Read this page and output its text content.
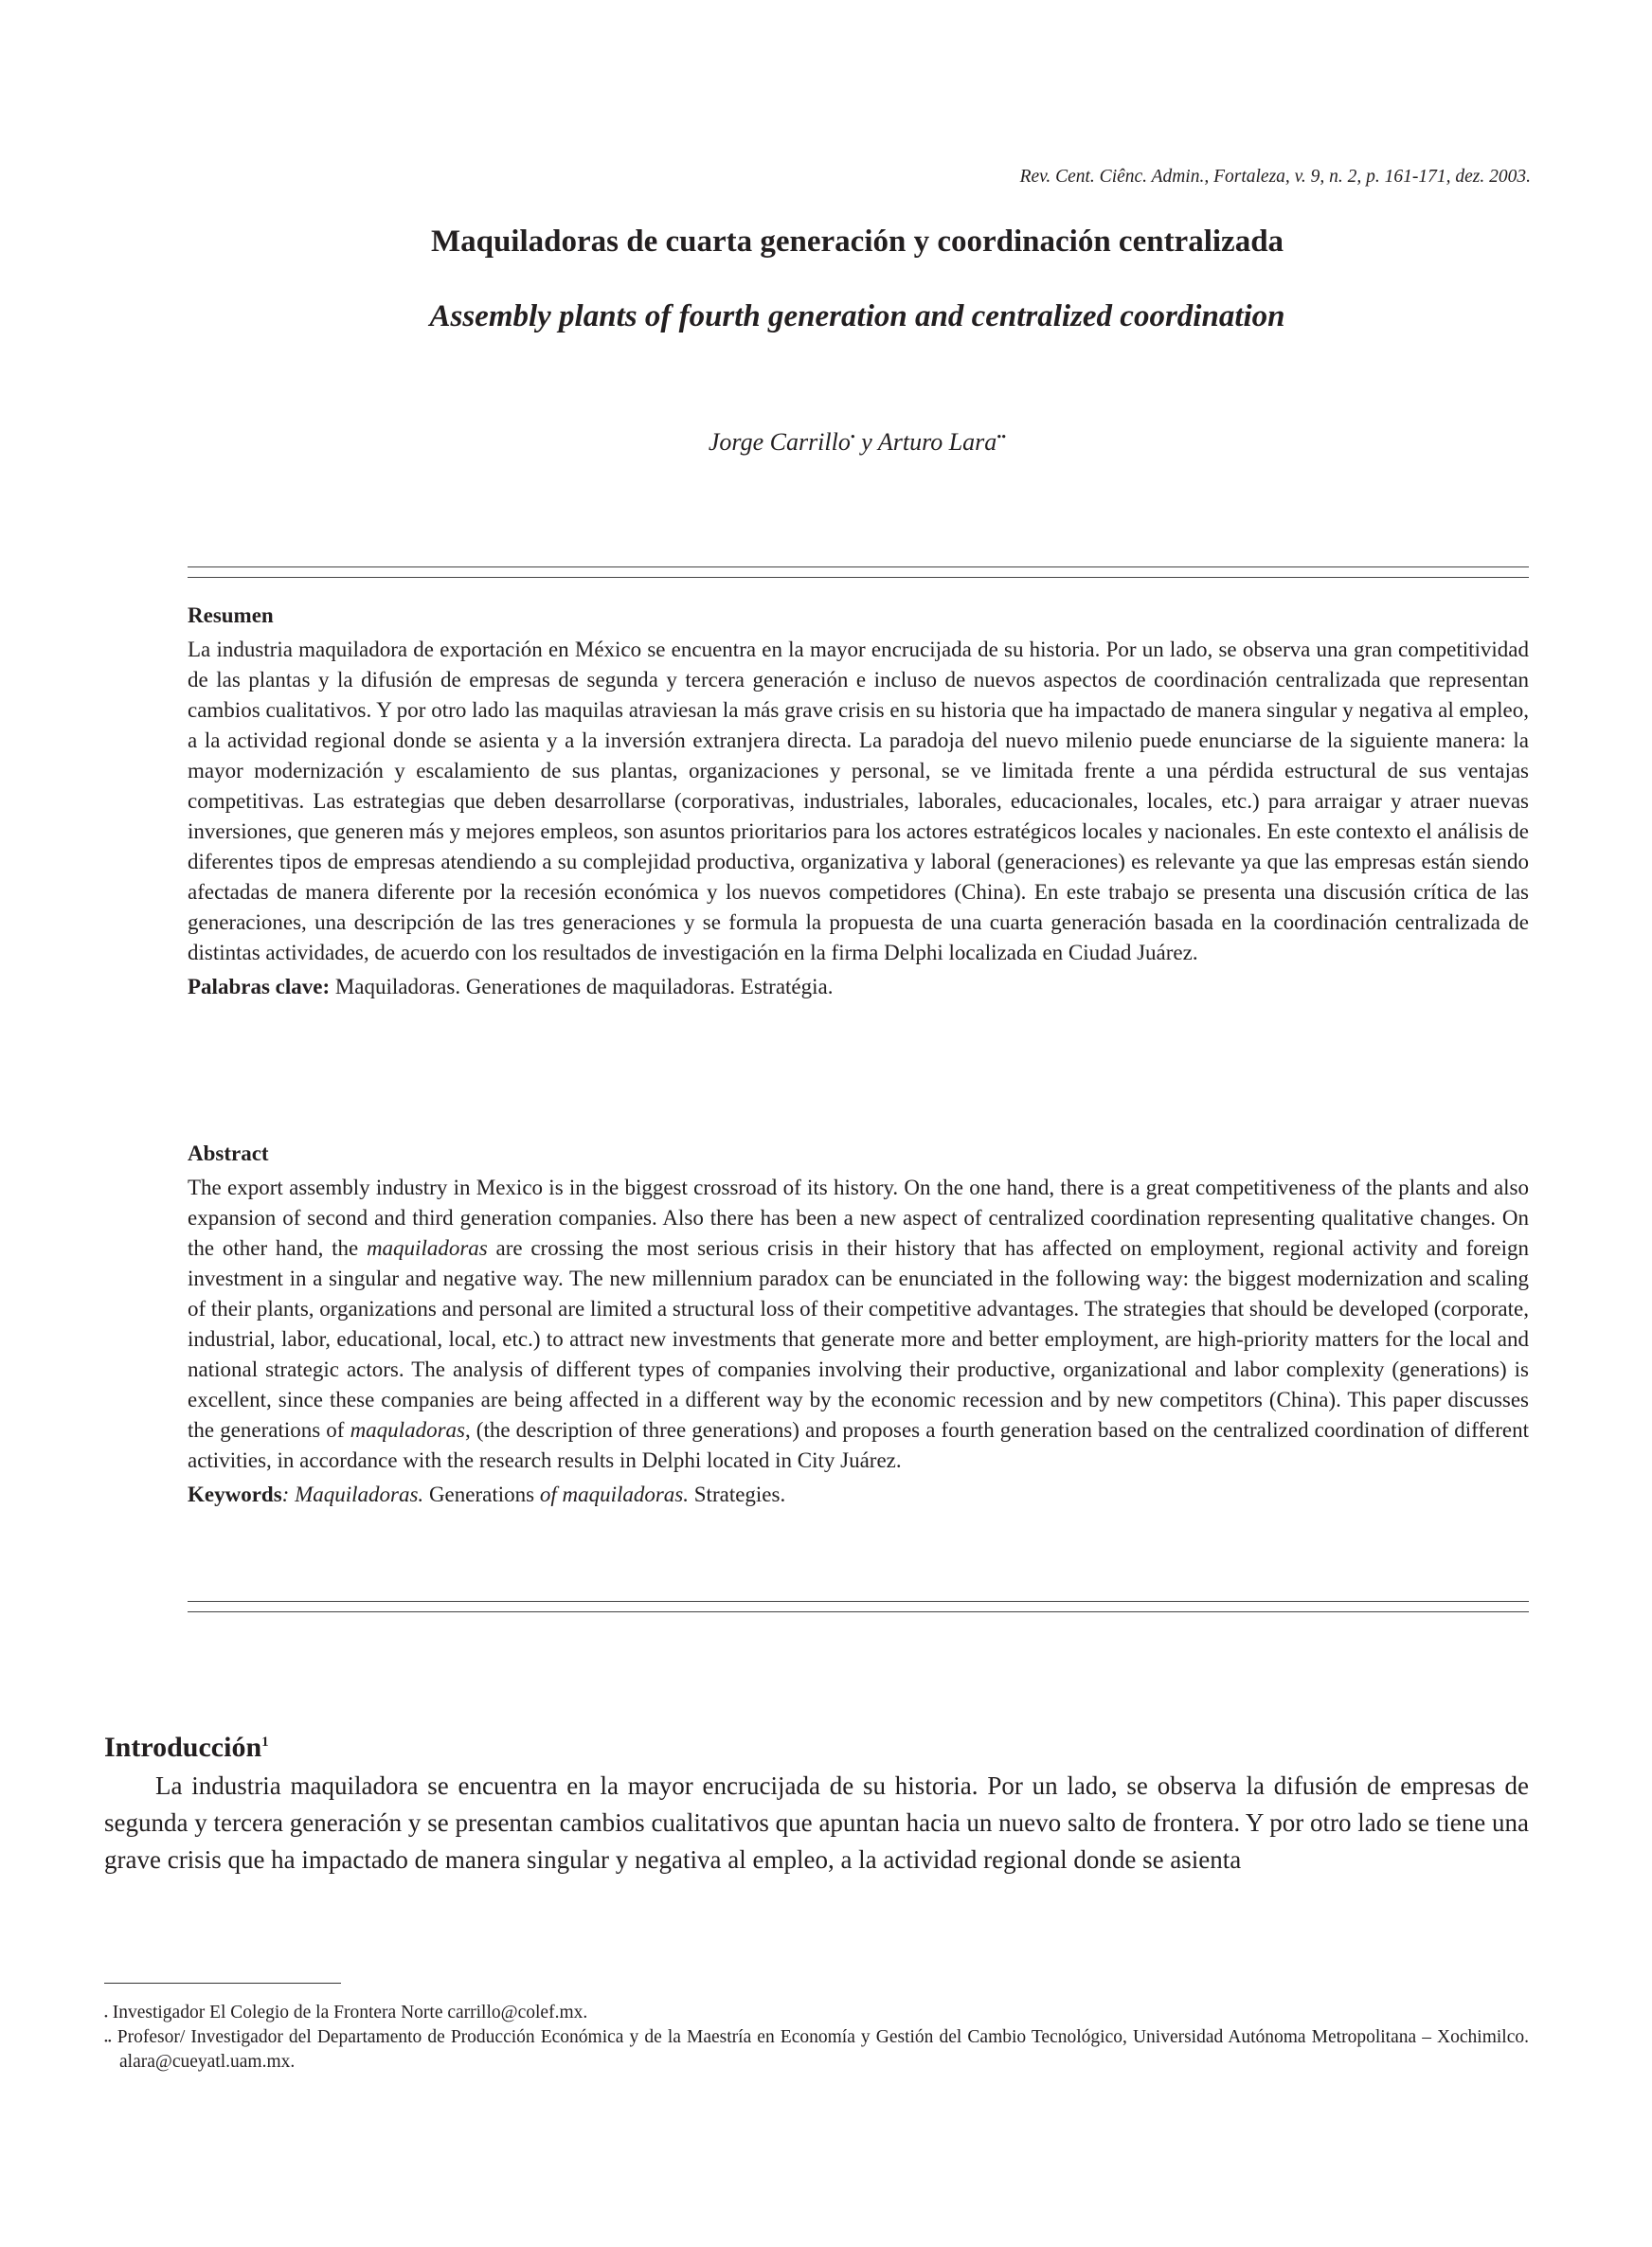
Rev. Cent. Ciênc. Admin., Fortaleza, v. 9, n. 2, p. 161-171, dez. 2003.
Maquiladoras de cuarta generación y coordinación centralizada
Assembly plants of fourth generation and centralized coordination
Jorge Carrillo• y Arturo Lara••
Resumen
La industria maquiladora de exportación en México se encuentra en la mayor encrucijada de su historia. Por un lado, se observa una gran competitividad de las plantas y la difusión de empresas de segunda y tercera generación e incluso de nuevos aspectos de coordinación centralizada que representan cambios cualitativos. Y por otro lado las maquilas atraviesan la más grave crisis en su historia que ha impactado de manera singular y negativa al empleo, a la actividad regional donde se asienta y a la inversión extranjera directa. La paradoja del nuevo milenio puede enunciarse de la siguiente manera: la mayor modernización y escalamiento de sus plantas, organizaciones y personal, se ve limitada frente a una pérdida estructural de sus ventajas competitivas. Las estrategias que deben desarrollarse (corporativas, industriales, laborales, educacionales, locales, etc.) para arraigar y atraer nuevas inversiones, que generen más y mejores empleos, son asuntos prioritarios para los actores estratégicos locales y nacionales. En este contexto el análisis de diferentes tipos de empresas atendiendo a su complejidad productiva, organizativa y laboral (generaciones) es relevante ya que las empresas están siendo afectadas de manera diferente por la recesión económica y los nuevos competidores (China). En este trabajo se presenta una discusión crítica de las generaciones, una descripción de las tres generaciones y se formula la propuesta de una cuarta generación basada en la coordinación centralizada de distintas actividades, de acuerdo con los resultados de investigación en la firma Delphi localizada en Ciudad Juárez.
Palabras clave: Maquiladoras. Generationes de maquiladoras. Estratégia.
Abstract
The export assembly industry in Mexico is in the biggest crossroad of its history. On the one hand, there is a great competitiveness of the plants and also expansion of second and third generation companies. Also there has been a new aspect of centralized coordination representing qualitative changes. On the other hand, the maquiladoras are crossing the most serious crisis in their history that has affected on employment, regional activity and foreign investment in a singular and negative way. The new millennium paradox can be enunciated in the following way: the biggest modernization and scaling of their plants, organizations and personal are limited a structural loss of their competitive advantages. The strategies that should be developed (corporate, industrial, labor, educational, local, etc.) to attract new investments that generate more and better employment, are high-priority matters for the local and national strategic actors. The analysis of different types of companies involving their productive, organizational and labor complexity (generations) is excellent, since these companies are being affected in a different way by the economic recession and by new competitors (China). This paper discusses the generations of maquladoras, (the description of three generations) and proposes a fourth generation based on the centralized coordination of different activities, in accordance with the research results in Delphi located in City Juárez.
Keywords: Maquiladoras. Generations of maquiladoras. Strategies.
Introducción$^1$
La industria maquiladora se encuentra en la mayor encrucijada de su historia. Por un lado, se observa la difusión de empresas de segunda y tercera generación y se presentan cambios cualitativos que apuntan hacia un nuevo salto de frontera. Y por otro lado se tiene una grave crisis que ha impactado de manera singular y negativa al empleo, a la actividad regional donde se asienta
• Investigador El Colegio de la Frontera Norte carrillo@colef.mx.
•• Profesor/ Investigador del Departamento de Producción Económica y de la Maestría en Economía y Gestión del Cambio Tecnológico, Universidad Autónoma Metropolitana – Xochimilco. alara@cueyatl.uam.mx.
